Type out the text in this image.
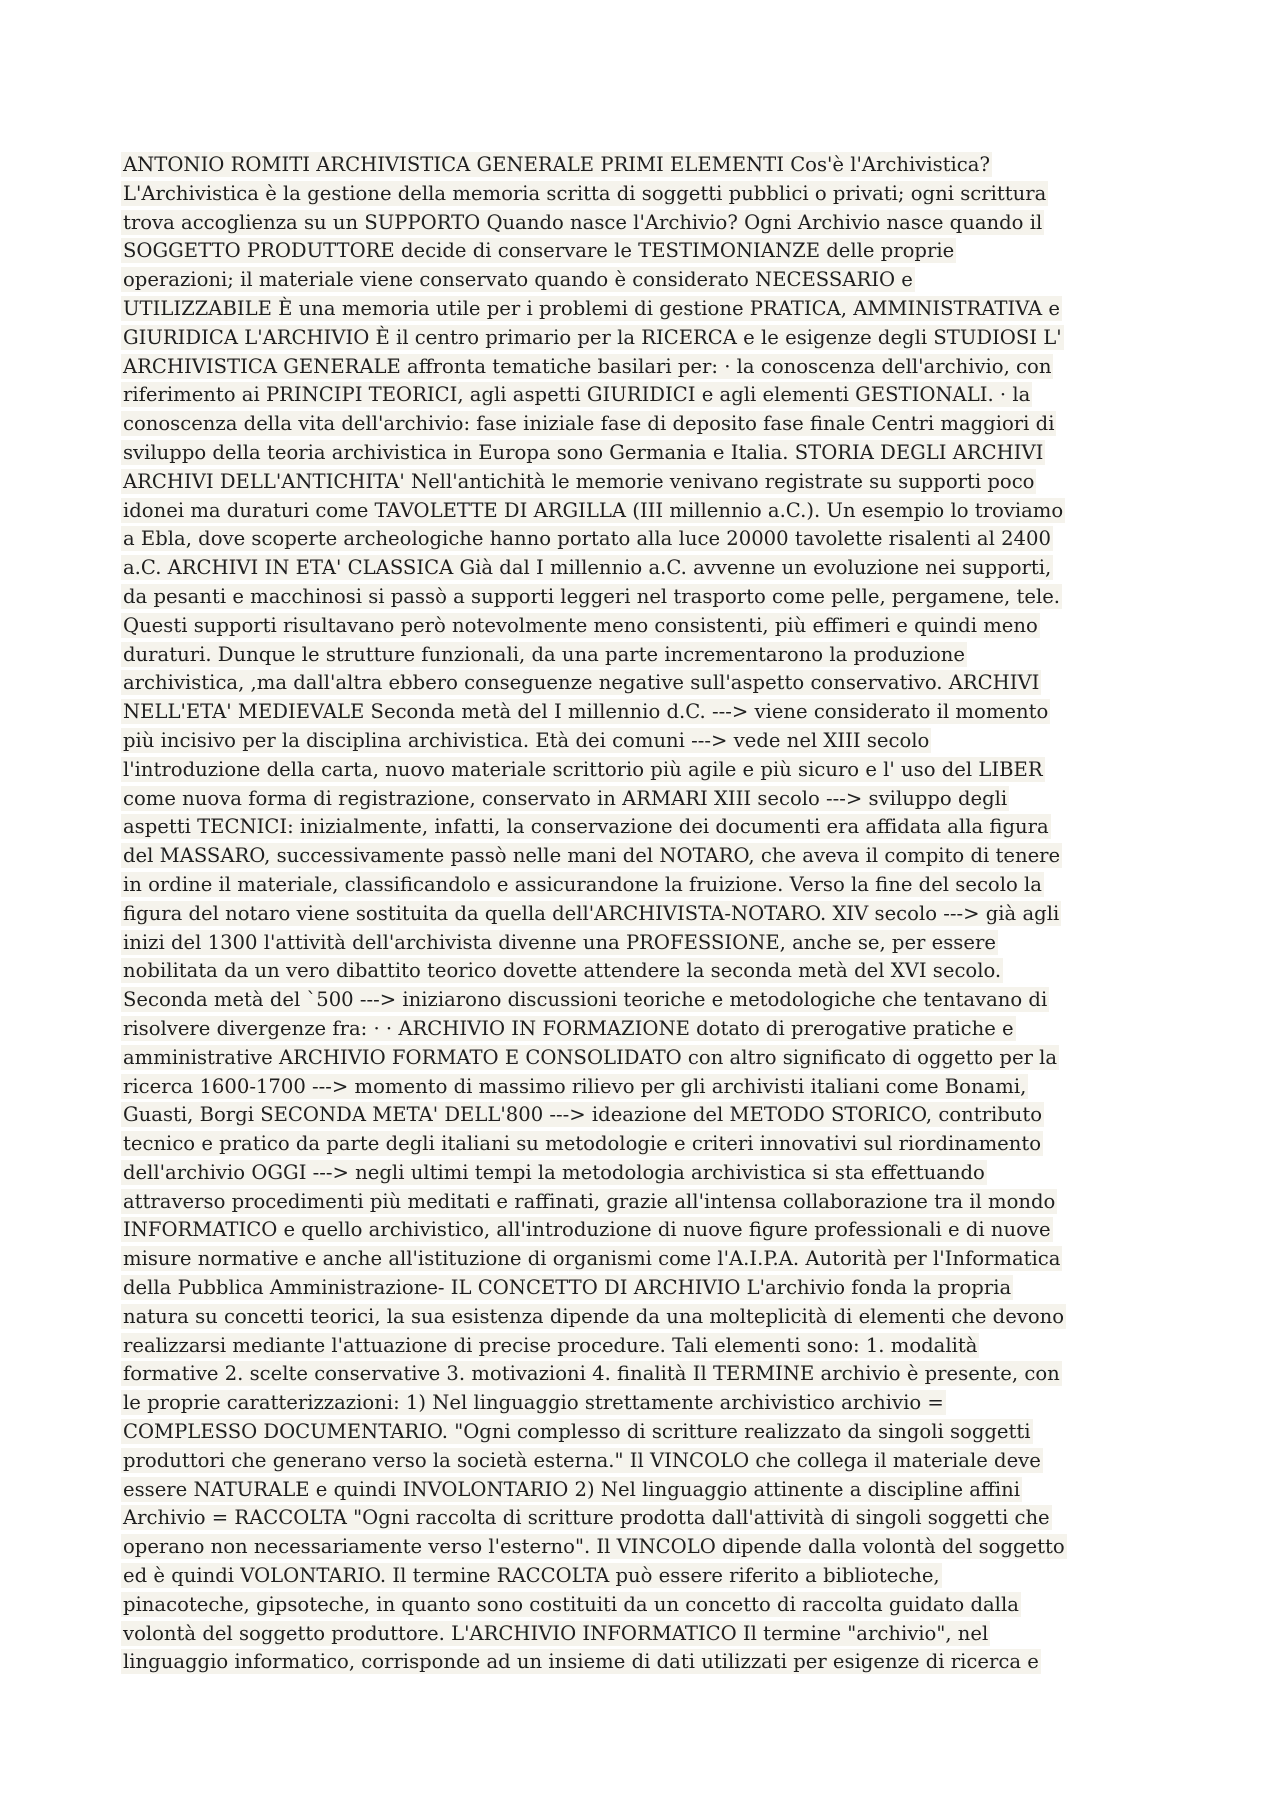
ANTONIO ROMITI ARCHIVISTICA GENERALE PRIMI ELEMENTI Cos'è l'Archivistica?
L'Archivistica è la gestione della memoria scritta di soggetti pubblici o privati; ogni scrittura
trova accoglienza su un SUPPORTO Quando nasce l'Archivio? Ogni Archivio nasce quando il
SOGGETTO PRODUTTORE decide di conservare le TESTIMONIANZE delle proprie
operazioni; il materiale viene conservato quando è considerato NECESSARIO e
UTILIZZABILE È una memoria utile per i problemi di gestione PRATICA, AMMINISTRATIVA e
GIURIDICA L'ARCHIVIO È il centro primario per la RICERCA e le esigenze degli STUDIOSI L'
ARCHIVISTICA GENERALE affronta tematiche basilari per: · la conoscenza dell'archivio, con
riferimento ai PRINCIPI TEORICI, agli aspetti GIURIDICI e agli elementi GESTIONALI. · la
conoscenza della vita dell'archivio: fase iniziale fase di deposito fase finale Centri maggiori di
sviluppo della teoria archivistica in Europa sono Germania e Italia. STORIA DEGLI ARCHIVI
ARCHIVI DELL'ANTICHITA' Nell'antichità le memorie venivano registrate su supporti poco
idonei ma duraturi come TAVOLETTE DI ARGILLA (III millennio a.C.). Un esempio lo troviamo
a Ebla, dove scoperte archeologiche hanno portato alla luce 20000 tavolette risalenti al 2400
a.C. ARCHIVI IN ETA' CLASSICA Già dal I millennio a.C. avvenne un evoluzione nei supporti,
da pesanti e macchinosi si passò a supporti leggeri nel trasporto come pelle, pergamene, tele.
Questi supporti risultavano però notevolmente meno consistenti, più effimeri e quindi meno
duraturi. Dunque le strutture funzionali, da una parte incrementarono la produzione
archivistica, ,ma dall'altra ebbero conseguenze negative sull'aspetto conservativo. ARCHIVI
NELL'ETA' MEDIEVALE Seconda metà del I millennio d.C. ---> viene considerato il momento
più incisivo per la disciplina archivistica. Età dei comuni ---> vede nel XIII secolo
l'introduzione della carta, nuovo materiale scrittorio più agile e più sicuro e l' uso del LIBER
come nuova forma di registrazione, conservato in ARMARI XIII secolo ---> sviluppo degli
aspetti TECNICI: inizialmente, infatti, la conservazione dei documenti era affidata alla figura
del MASSARO, successivamente passò nelle mani del NOTARO, che aveva il compito di tenere
in ordine il materiale, classificandolo e assicurandone la fruizione. Verso la fine del secolo la
figura del notaro viene sostituita da quella dell'ARCHIVISTA-NOTARO. XIV secolo ---> già agli
inizi del 1300 l'attività dell'archivista divenne una PROFESSIONE, anche se, per essere
nobilitata da un vero dibattito teorico dovette attendere la seconda metà del XVI secolo.
Seconda metà del `500 ---> iniziarono discussioni teoriche e metodologiche che tentavano di
risolvere divergenze fra: · · ARCHIVIO IN FORMAZIONE dotato di prerogative pratiche e
amministrative ARCHIVIO FORMATO E CONSOLIDATO con altro significato di oggetto per la
ricerca 1600-1700 ---> momento di massimo rilievo per gli archivisti italiani come Bonami,
Guasti, Borgi SECONDA META' DELL'800 ---> ideazione del METODO STORICO, contributo
tecnico e pratico da parte degli italiani su metodologie e criteri innovativi sul riordinamento
dell'archivio OGGI ---> negli ultimi tempi la metodologia archivistica si sta effettuando
attraverso procedimenti più meditati e raffinati, grazie all'intensa collaborazione tra il mondo
INFORMATICO e quello archivistico, all'introduzione di nuove figure professionali e di nuove
misure normative e anche all'istituzione di organismi come l'A.I.P.A. Autorità per l'Informatica
della Pubblica Amministrazione- IL CONCETTO DI ARCHIVIO L'archivio fonda la propria
natura su concetti teorici, la sua esistenza dipende da una molteplicità di elementi che devono
realizzarsi mediante l'attuazione di precise procedure. Tali elementi sono: 1. modalità
formative 2. scelte conservative 3. motivazioni 4. finalità Il TERMINE archivio è presente, con
le proprie caratterizzazioni: 1) Nel linguaggio strettamente archivistico archivio =
COMPLESSO DOCUMENTARIO. "Ogni complesso di scritture realizzato da singoli soggetti
produttori che generano verso la società esterna." Il VINCOLO che collega il materiale deve
essere NATURALE e quindi INVOLONTARIO 2) Nel linguaggio attinente a discipline affini
Archivio = RACCOLTA "Ogni raccolta di scritture prodotta dall'attività di singoli soggetti che
operano non necessariamente verso l'esterno". Il VINCOLO dipende dalla volontà del soggetto
ed è quindi VOLONTARIO. Il termine RACCOLTA può essere riferito a biblioteche,
pinacoteche, gipsoteche, in quanto sono costituiti da un concetto di raccolta guidato dalla
volontà del soggetto produttore. L'ARCHIVIO INFORMATICO Il termine "archivio", nel
linguaggio informatico, corrisponde ad un insieme di dati utilizzati per esigenze di ricerca e
